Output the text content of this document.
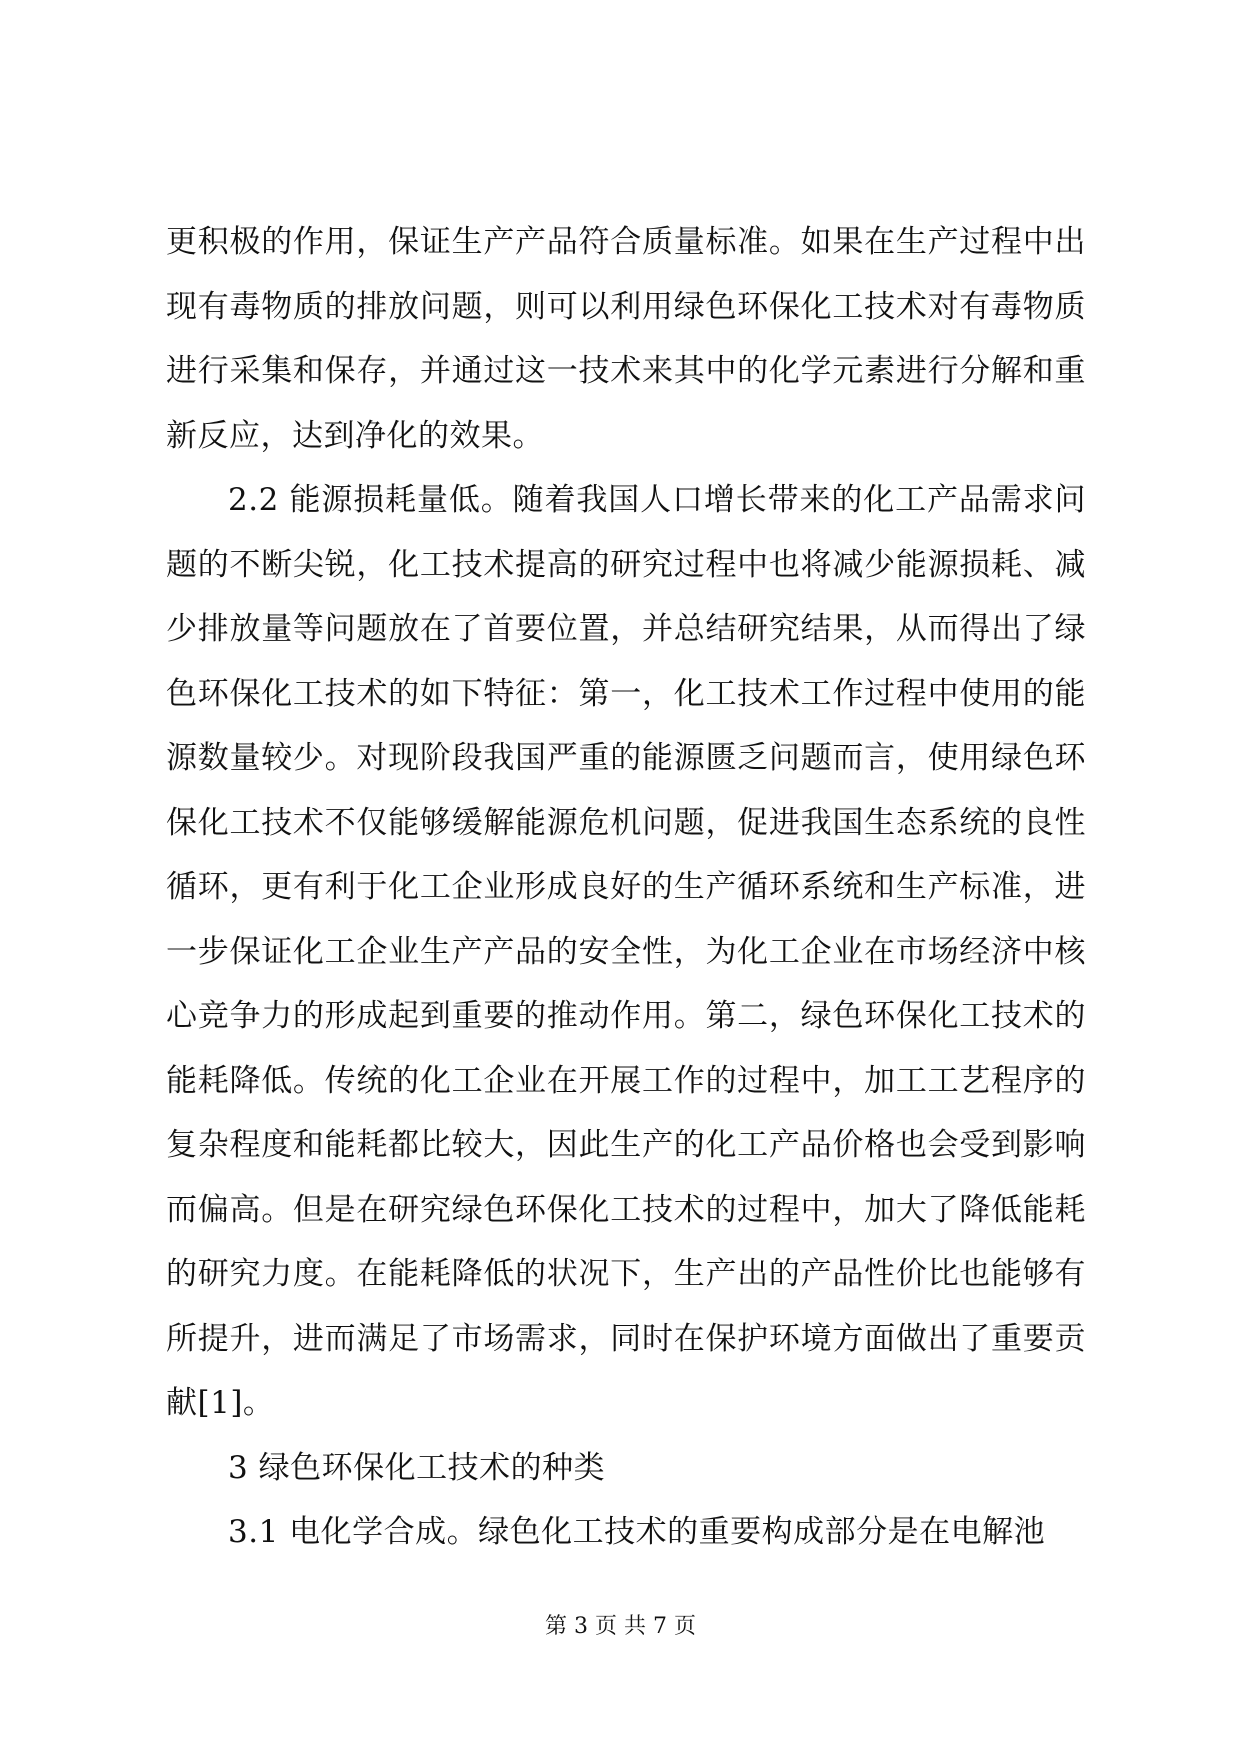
更积极的作用，保证生产产品符合质量标准。如果在生产过程中出现有毒物质的排放问题，则可以利用绿色环保化工技术对有毒物质进行采集和保存，并通过这一技术来其中的化学元素进行分解和重新反应，达到净化的效果。

2.2 能源损耗量低。随着我国人口增长带来的化工产品需求问题的不断尖锐，化工技术提高的研究过程中也将减少能源损耗、减少排放量等问题放在了首要位置，并总结研究结果，从而得出了绿色环保化工技术的如下特征：第一，化工技术工作过程中使用的能源数量较少。对现阶段我国严重的能源匮乏问题而言，使用绿色环保化工技术不仅能够缓解能源危机问题，促进我国生态系统的良性循环，更有利于化工企业形成良好的生产循环系统和生产标准，进一步保证化工企业生产产品的安全性，为化工企业在市场经济中核心竞争力的形成起到重要的推动作用。第二，绿色环保化工技术的能耗降低。传统的化工企业在开展工作的过程中，加工工艺程序的复杂程度和能耗都比较大，因此生产的化工产品价格也会受到影响而偏高。但是在研究绿色环保化工技术的过程中，加大了降低能耗的研究力度。在能耗降低的状况下，生产出的产品性价比也能够有所提升，进而满足了市场需求，同时在保护环境方面做出了重要贡献[1]。

3 绿色环保化工技术的种类

3.1 电化学合成。绿色化工技术的重要构成部分是在电解池

第 3 页 共 7 页
